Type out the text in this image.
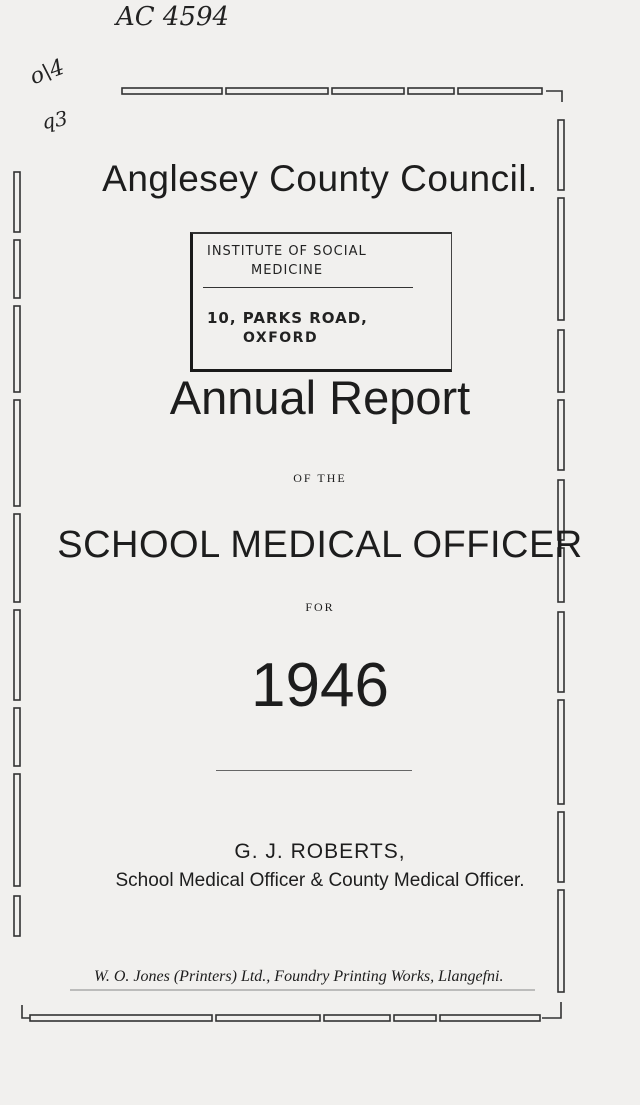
AC 4594
o\4
q3
Anglesey County Council.
INSTITUTE OF SOCIAL
MEDICINE
10, PARKS ROAD,
OXFORD
Annual Report
OF THE
SCHOOL MEDICAL OFFICER
FOR
1946
G. J. ROBERTS,
School Medical Officer & County Medical Officer.
W. O. Jones (Printers) Ltd., Foundry Printing Works, Llangefni.
